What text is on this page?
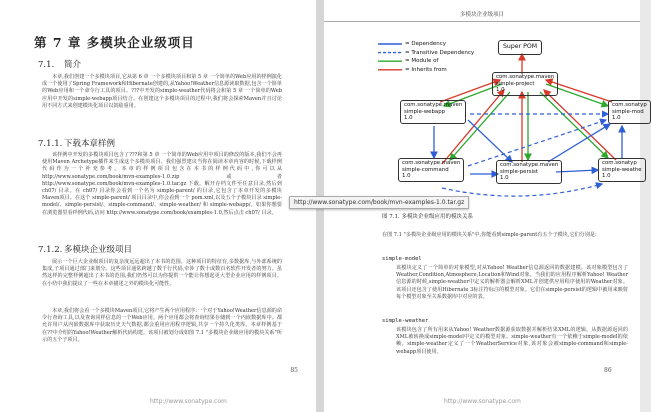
第 7 章 多模块企业级项目
7.1. 简介
本章,我们创建一个多模块项目,它从第 6 章 一个多模块项目和第 5 章 一个简单的Web应用的样例演化成一个使用了Spring Framework和Hibernate创建的,从Yahoo!Weather信息源读取数据,包含一个简单的Web应用和一个命令行工具的项目。???中开发的simple-weather代码将会和第 5 章 一个简单的Web应用中开发的simple-webapp项目结合。在创建这个多模块项目的过程中,我们将会探索Maven并且讨论用不同方式来创建模块化项目以鼓励重用。
7.1.1. 下载本章样例
该样例中开发的多模块项目包含了???和第 5 章 一个简单的Web应用中项目的修改的版本,我们不会再使用Maven Archetype插件来生成这个多模块项目。我们强烈建议当你在阅读本章内容的时候,下载样例代码作为一个补充参考。本章的样例项目包含在本书的样例代码中,你可以从 http://www.sonatype.com/book/mvn-examples-1.0.zip 或者 http://www.sonatype.com/book/mvn-examples-1.0.tar.gz 下载。解开存档文件至任意目录,然后到 ch07/ 目录。在 ch07/ 目录你会看到一个名为 simple-parent/ 的目录,它包含了本章开发的多模块Maven项目。在这个 simple-parent/ 项目目录中,你会看到一个 pom.xml,以及五个子模块目录 simple-model/、simple-persist/、simple-command/、simple-weather/ 和 simple-webapp/。如果你想要在浏览器里看样例代码,访问 http://www.sonatype.com/book/examples-1.0,然后点击 ch07/ 目录。
7.1.2. 多模块企业级项目
展示一个巨大企业级项目的复杂度远远超出了本书的范围。这种项目的特征有,多数据库,与外部系统的集成,子项目通过部门来划分。这些项目通常跨越了数千行代码,牵涉了数十或数百名软件开发者的努力。虽然这样的完整样例超出了本书的范围,我们仍然可以为你提供一个能让你想起更大型企业应用的样例项目。在小结中我们提议了一些在本章描述之外的模块化可能性。
本章,我们将会看一个多模块Maven项目,它将产生两个应用程序:一个对于Yahoo!Weather信息源的命令行查询工具,以及查询同样信息的一个Web应用。两个应用都会将查询结果存储到一个内嵌数据库中。都允许用户从内嵌数据库中获取历史天气数据,都会重用应用程序逻辑,共享一个持久化类库。本章样例基于在??中介绍的Yahoo!Weather解析代码构建。该项目被划分成如图 7.1 "多模块企业级应用的模块关系"所示的五个子项目。
http://www.sonatype.com
85
多模块企业级项目
= Dependency
= Transitive Dependency
= Module of
= Inherits from
Super POM
com.sonatype.maven
simple-project
1.0
com.sonatype.maven
simple-webapp
1.0
com.sonatyp
simple-mod
1.0
com.sonatype.maven
simple-command
1.0
com.sonatype.maven
simple-persist
1.0
com.sonatyp
simple-weathe
1.0
图 7.1. 多模块企业级应用的模块关系
在图 7.1 "多模块企业级应用的模块关系"中,你能看到simple-parent有五个子模块,它们分别是:
simple-model
该模块定义了一个简单的对象模型,对从Yahoo! Weather信息源返回的数据建模。该对象模型包含了Weather,Condition,Atmosphere,Location和Wind对象。当我们的应用程序解析Yahoo! Weather信息源的时候,simple-weather中定义的解析器会解析XML并创建供应用程序使用的Weather对象。该项目还包含了使用Hibernate 3标注符标注的模型对象。它们在simple-persist的逻辑中被用来映射每个模型对象至关系数据库中对应的表。
simple-weather
该模块包含了所有用来从Yahoo! Weather数据源获取数据并解析结果XML的逻辑。从数据源返回的XML被转换成simple-model中定义的模型对象。simple-weather有一个依赖于simple-model的依赖。simple-weather定义了一个WeatherService对象,该对象会被simple-command和simple-webapp项目使用。
http://www.sonatype.com
86
http://www.sonatype.com/book/mvn-examples-1.0.tar.gz
